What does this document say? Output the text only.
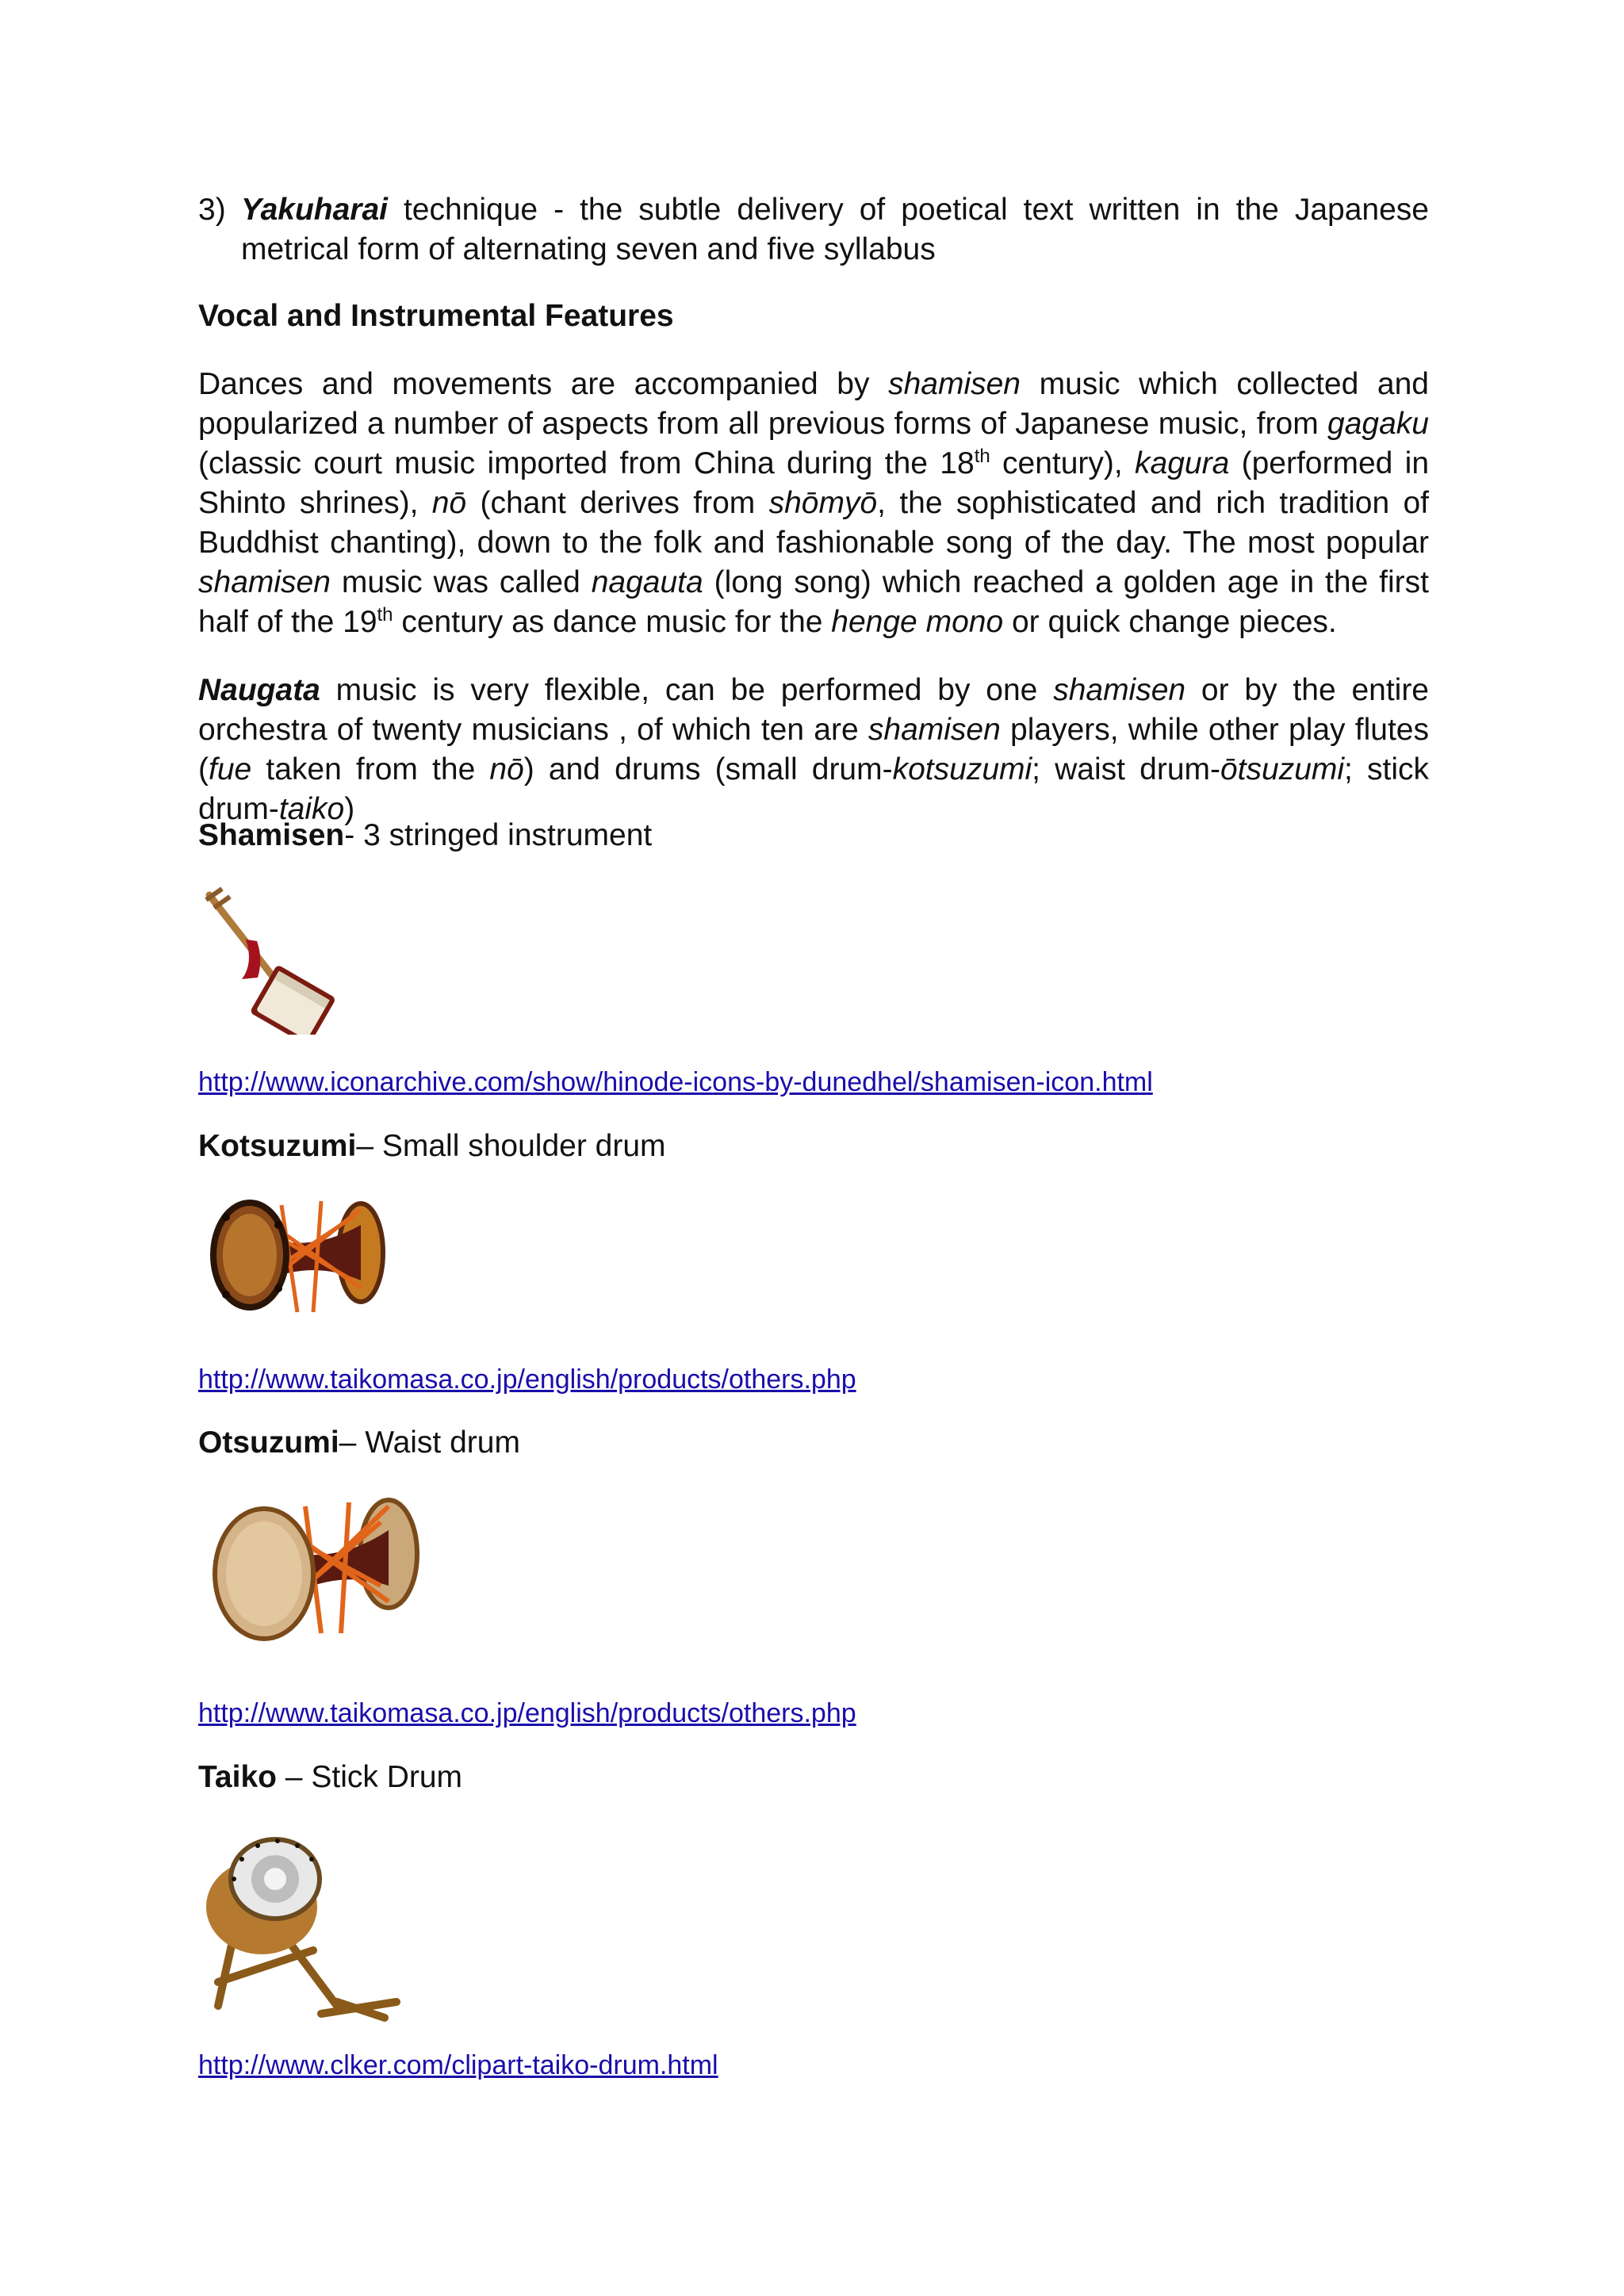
3) Yakuharai technique - the subtle delivery of poetical text written in the Japanese metrical form of alternating seven and five syllabus
Vocal and Instrumental Features

Dances and movements are accompanied by shamisen music which collected and popularized a number of aspects from all previous forms of Japanese music, from gagaku (classic court music imported from China during the 18th century), kagura (performed in Shinto shrines), nō (chant derives from shōmyō, the sophisticated and rich tradition of Buddhist chanting), down to the folk and fashionable song of the day. The most popular shamisen music was called nagauta (long song) which reached a golden age in the first half of the 19th century as dance music for the henge mono or quick change pieces.

Naugata music is very flexible, can be performed by one shamisen or by the entire orchestra of twenty musicians , of which ten are shamisen players, while other play flutes (fue taken from the nō) and drums (small drum-kotsuzumi; waist drum-ōtsuzumi; stick drum-taiko)

Shamisen- 3 stringed instrument
http://www.iconarchive.com/show/hinode-icons-by-dunedhel/shamisen-icon.html
Kotsuzumi– Small shoulder drum
http://www.taikomasa.co.jp/english/products/others.php
Otsuzumi– Waist drum
http://www.taikomasa.co.jp/english/products/others.php
Taiko – Stick Drum
http://www.clker.com/clipart-taiko-drum.html
